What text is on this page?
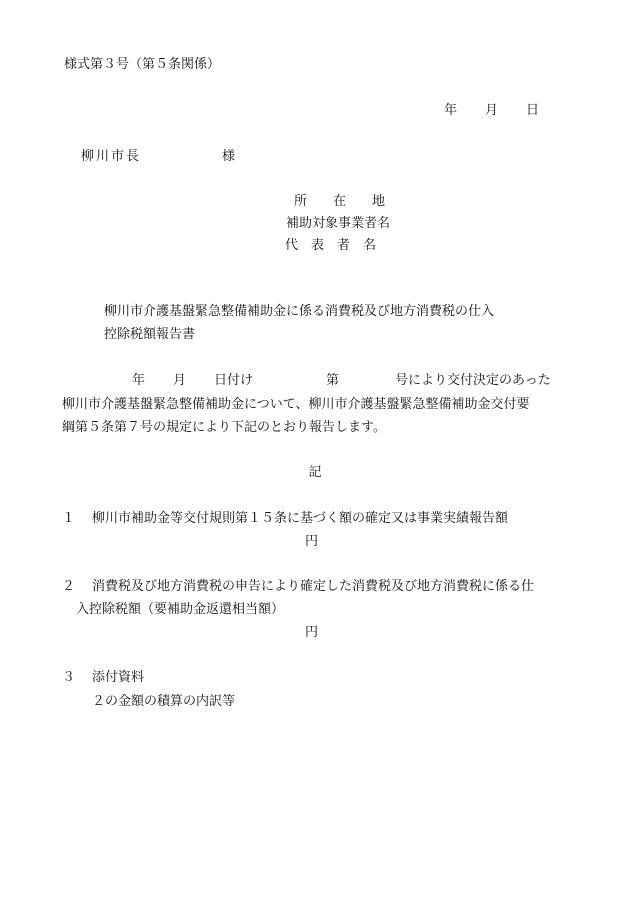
様式第３号（第５条関係）
年 月 日
柳川市長	様
所　　在　　地
補助対象事業者名
代　表　者　名
柳川市介護基盤緊急整備補助金に係る消費税及び地方消費税の仕入
控除税額報告書
年 月 日付け	第	号により交付決定のあった
柳川市介護基盤緊急整備補助金について、柳川市介護基盤緊急整備補助金交付要
綱第５条第７号の規定により下記のとおり報告します。
記
１ 柳川市補助金等交付規則第１５条に基づく額の確定又は事業実績報告額
円
２ 消費税及び地方消費税の申告により確定した消費税及び地方消費税に係る仕
入控除税額（要補助金返還相当額）
円
３ 添付資料
２の金額の積算の内訳等
